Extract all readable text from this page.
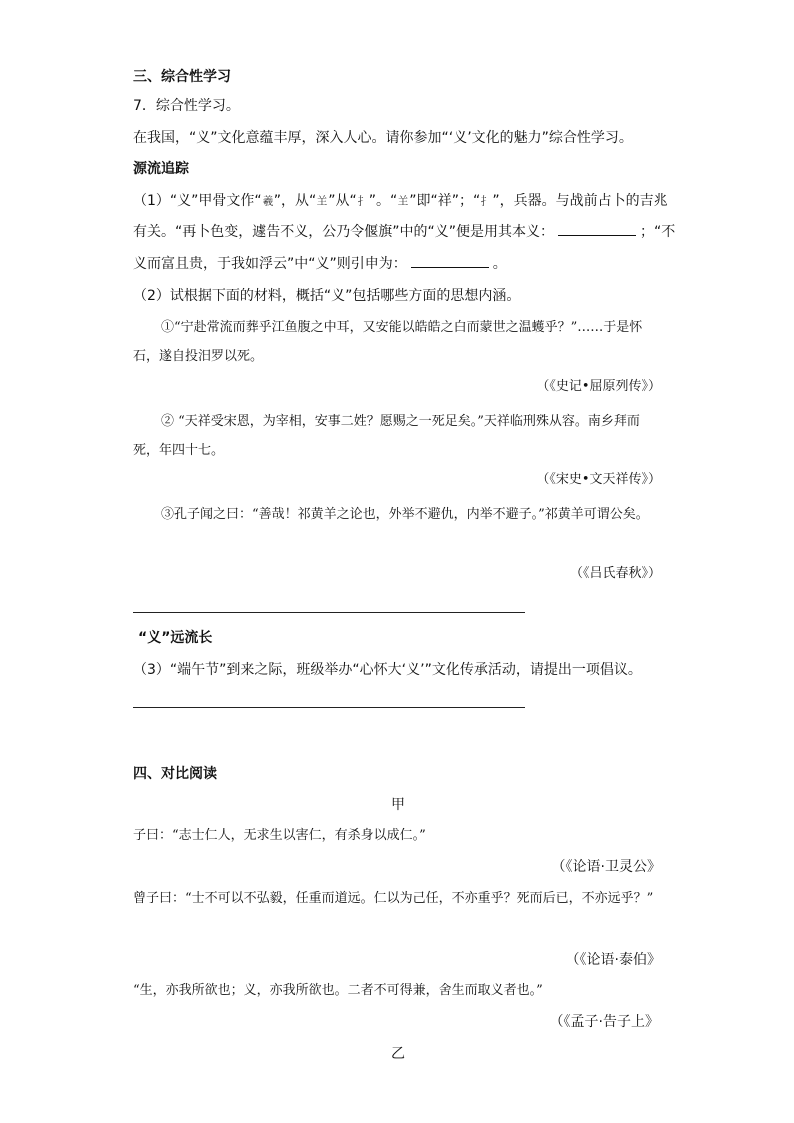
三、综合性学习
7．综合性学习。
在我国，“义”文化意蕴丰厚，深入人心。请你参加“‘义’文化的魅力”综合性学习。
源流追踪
（1）“义”甲骨文作“羲”，从“𦍌”从“扌”。“𦍌”即“祥”；“扌”，兵器。与战前占卜的吉兆
有关。“再卜色变，遽告不义，公乃令偃旗”中的“义”便是用其本义：	；“不
义而富且贵，于我如浮云”中“义”则引申为：	。
（2）试根据下面的材料，概括“义”包括哪些方面的思想内涵。
①“宁赴常流而葬乎江鱼腹之中耳，又安能以皓皓之白而蒙世之温蠖乎？”……于是怀石，遂自投汨罗以死。
（《史记•屈原列传》）
② “天祥受宋恩，为宰相，安事二姓？愿赐之一死足矣。”天祥临刑殊从容。南乡拜而死，年四十七。
（《宋史•文天祥传》）
③孔子闻之曰：“善哉！祁黄羊之论也，外举不避仇，内举不避子。”祁黄羊可谓公矣。
（《吕氏春秋》）
“义”远流长
（3）“端午节”到来之际，班级举办“心怀大‘义’”文化传承活动，请提出一项倡议。
四、对比阅读
甲
子曰：“志士仁人，无求生以害仁，有杀身以成仁。”
（《论语·卫灵公》
曾子曰：“士不可以不弘毅，任重而道远。仁以为己任，不亦重乎？死而后已，不亦远乎？”
（《论语·泰伯》
“生，亦我所欲也；义，亦我所欲也。二者不可得兼，舍生而取义者也。”
（《孟子·告子上》
乙
